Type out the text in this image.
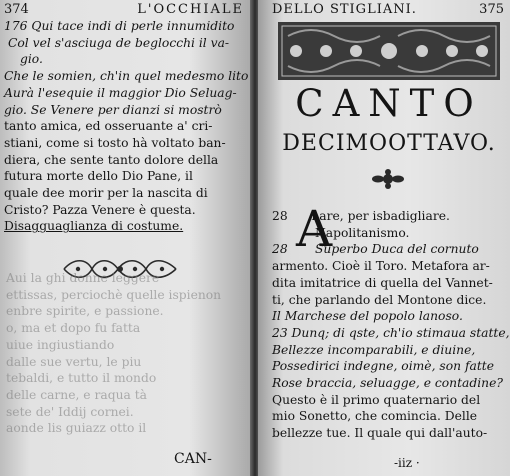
374	L'OCCHIALE
176 Qui tace indi di perle innumidito
Col vel s'asciuga de beglocchi il va-
gio.
Che le somien, ch'in quel medesmo lito
Aurà l'esequie il maggior Dio Seluag-
gio. Se Venere per dianzi si mostrò
tanto amica, ed osseruante a' cri-
stiani, come si tosto hà voltato ban-
diera, che sente tanto dolore della
futura morte dello Dio Pane, il
quale dee morir per la nascita di
Cristo? Pazza Venere è questa.
Disagguaglianza di costume.
Aui la ghi donne leggere
ettissas, perciochè quelle ispienon
enbre spirite, e passione.
o, ma et dopo fu fatta
uiue ingiustiando
dalle sue vertu, le piu
tebaldi, e tutto il mondo
delle carne, e raqua tà
sete de' Iddij cornei.
aonde lis guiazz otto il
CAN-
DELLO STIGLIANI.	375
CANTO
DECIMOOTTAVO.
A
28      Lare, per isbadigliare.
Napolitanismo.
28       Superbo Duca del cornuto
armento. Cioè il Toro. Metafora ar-
dita imitatrice di quella del Vannet-
ti, che parlando del Montone dice.
Il Marchese del popolo lanoso.
23 Dunq; di qste, ch'io stimaua statte,
Bellezze incomparabili, e diuine,
Possedirici indegne, oimè, son fatte
Rose braccia, seluagge, e contadine?
Questo è il primo quaternario del
mio Sonetto, che comincia. Delle
bellezze tue. Il quale qui dall'auto-
-iiz ·
